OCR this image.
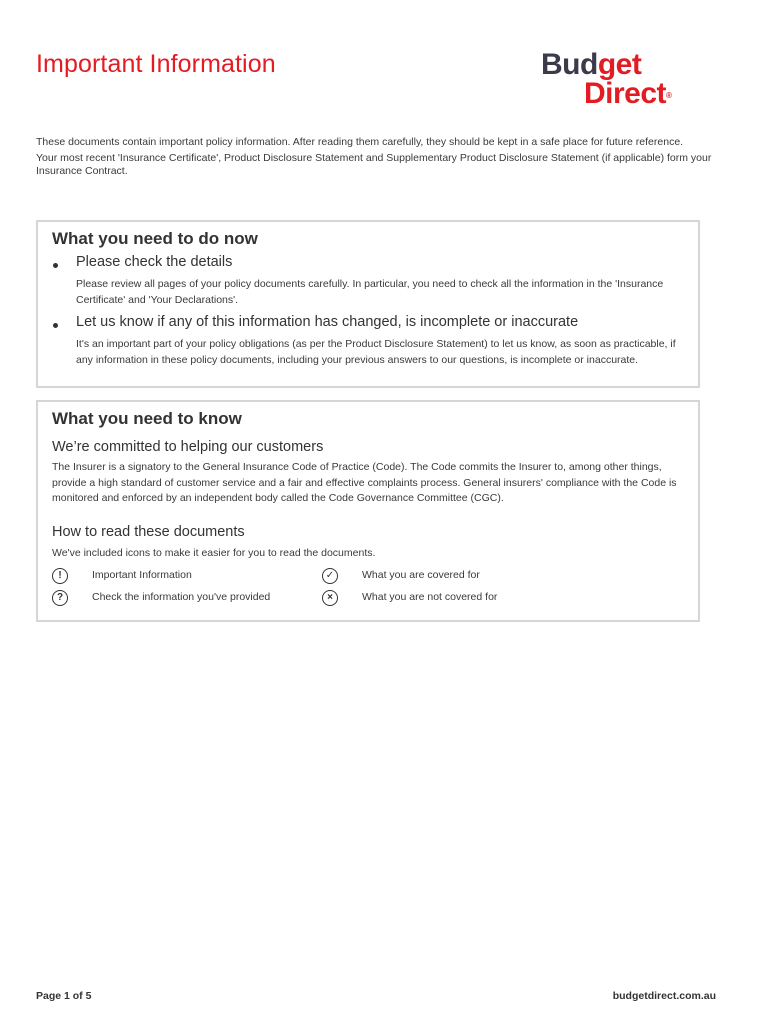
Important Information	Budget
Direct®

These documents contain important policy information. After reading them carefully, they should be kept in a safe place for future reference.

Your most recent 'Insurance Certificate', Product Disclosure Statement and Supplementary Product Disclosure Statement (if applicable) form your Insurance Contract.

What you need to do now
Please check the details

Please review all pages of your policy documents carefully. In particular, you need to check all the information in the 'Insurance Certificate' and 'Your Declarations'.

Let us know if any of this information has changed, is incomplete or inaccurate

It's an important part of your policy obligations (as per the Product Disclosure Statement) to let us know, as soon as practicable, if any information in these policy documents, including your previous answers to our questions, is incomplete or inaccurate.

What you need to know
We’re committed to helping our customers

The Insurer is a signatory to the General Insurance Code of Practice (Code). The Code commits the Insurer to, among other things, provide a high standard of customer service and a fair and effective complaints process. General insurers' compliance with the Code is monitored and enforced by an independent body called the Code Governance Committee (CGC).

How to read these documents

We've included icons to make it easier for you to read the documents.

!	Important Information	✓	What you are covered for
?	Check the information you've provided	×	What you are not covered for
Page 1 of 5	budgetdirect.com.au
